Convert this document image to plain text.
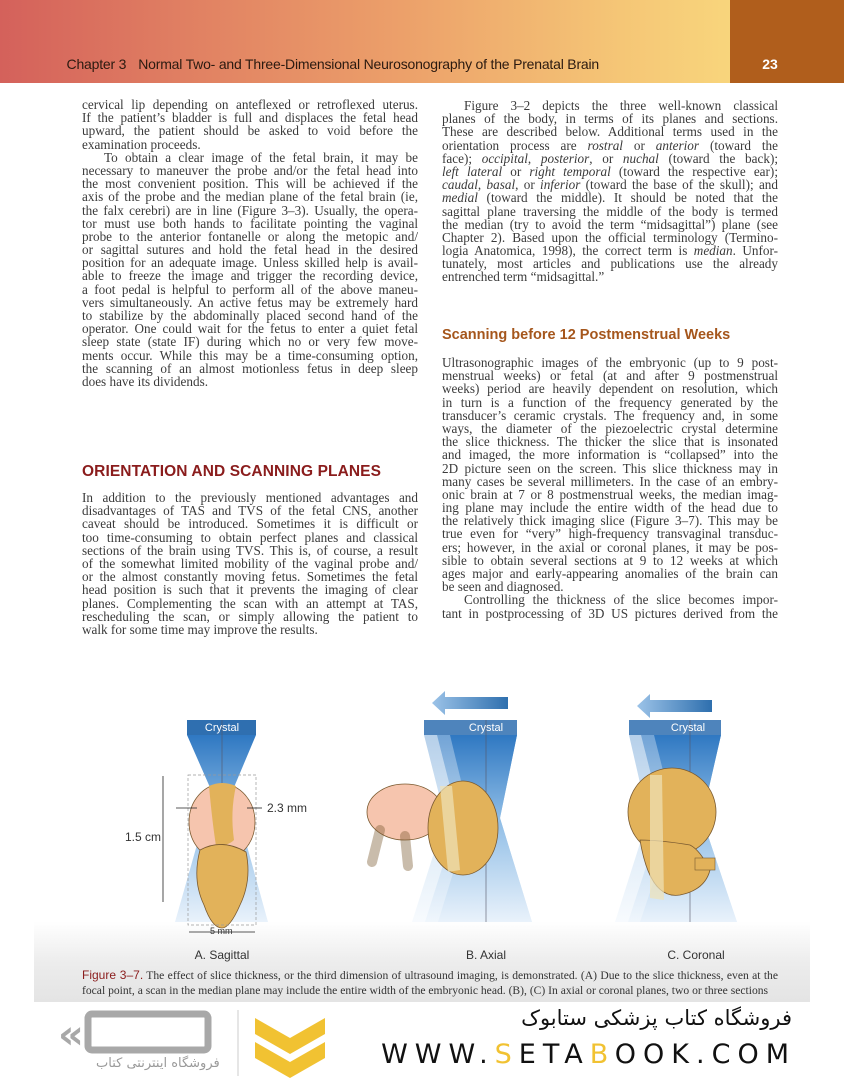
Chapter 3 Normal Two- and Three-Dimensional Neurosonography of the Prenatal Brain	23
cervical lip depending on anteflexed or retroflexed uterus.
If the patient’s bladder is full and displaces the fetal head
upward, the patient should be asked to void before the
examination proceeds.
To obtain a clear image of the fetal brain, it may be
necessary to maneuver the probe and/or the fetal head into
the most convenient position. This will be achieved if the
axis of the probe and the median plane of the fetal brain (ie,
the falx cerebri) are in line (Figure 3–3). Usually, the opera-
tor must use both hands to facilitate pointing the vaginal
probe to the anterior fontanelle or along the metopic and/
or sagittal sutures and hold the fetal head in the desired
position for an adequate image. Unless skilled help is avail-
able to freeze the image and trigger the recording device,
a foot pedal is helpful to perform all of the above maneu-
vers simultaneously. An active fetus may be extremely hard
to stabilize by the abdominally placed second hand of the
operator. One could wait for the fetus to enter a quiet fetal
sleep state (state IF) during which no or very few move-
ments occur. While this may be a time-consuming option,
the scanning of an almost motionless fetus in deep sleep
does have its dividends.
ORIENTATION AND SCANNING PLANES
In addition to the previously mentioned advantages and
disadvantages of TAS and TVS of the fetal CNS, another
caveat should be introduced. Sometimes it is difficult or
too time-consuming to obtain perfect planes and classical
sections of the brain using TVS. This is, of course, a result
of the somewhat limited mobility of the vaginal probe and/
or the almost constantly moving fetus. Sometimes the fetal
head position is such that it prevents the imaging of clear
planes. Complementing the scan with an attempt at TAS,
rescheduling the scan, or simply allowing the patient to
walk for some time may improve the results.
Figure 3–2 depicts the three well-known classical
planes of the body, in terms of its planes and sections.
These are described below. Additional terms used in the
orientation process are rostral or anterior (toward the
face); occipital, posterior, or nuchal (toward the back);
left lateral or right temporal (toward the respective ear);
caudal, basal, or inferior (toward the base of the skull); and
medial (toward the middle). It should be noted that the
sagittal plane traversing the middle of the body is termed
the median (try to avoid the term “midsagittal”) plane (see
Chapter 2). Based upon the official terminology (Termino-
logia Anatomica, 1998), the correct term is median. Unfor-
tunately, most articles and publications use the already
entrenched term “midsagittal.”
Scanning before 12 Postmenstrual Weeks
Ultrasonographic images of the embryonic (up to 9 post-
menstrual weeks) or fetal (at and after 9 postmenstrual
weeks) period are heavily dependent on resolution, which
in turn is a function of the frequency generated by the
transducer’s ceramic crystals. The frequency and, in some
ways, the diameter of the piezoelectric crystal determine
the slice thickness. The thicker the slice that is insonated
and imaged, the more information is “collapsed” into the
2D picture seen on the screen. This slice thickness may in
many cases be several millimeters. In the case of an embry-
onic brain at 7 or 8 postmenstrual weeks, the median imag-
ing plane may include the entire width of the head due to
the relatively thick imaging slice (Figure 3–7). This may be
true even for “very” high-frequency transvaginal transduc-
ers; however, in the axial or coronal planes, it may be pos-
sible to obtain several sections at 9 to 12 weeks at which
ages major and early-appearing anomalies of the brain can
be seen and diagnosed.
Controlling the thickness of the slice becomes impor-
tant in postprocessing of 3D US pictures derived from the
1.5 cm
2.3 mm
5 mm
Crystal
A. Sagittal
Crystal
B. Axial
Crystal
C. Coronal
Figure 3–7. The effect of slice thickness, or the third dimension of ultrasound imaging, is demonstrated. (A) Due to the slice thickness, even at the focal point, a scan in the median plane may include the entire width of the embryonic head. (B), (C) In axial or coronal planes, two or three sections
«
فروشگاه اینترنتی کتاب
فروشگاه کتاب پزشکی ستابوک
WWW.SETABOOK.COM
